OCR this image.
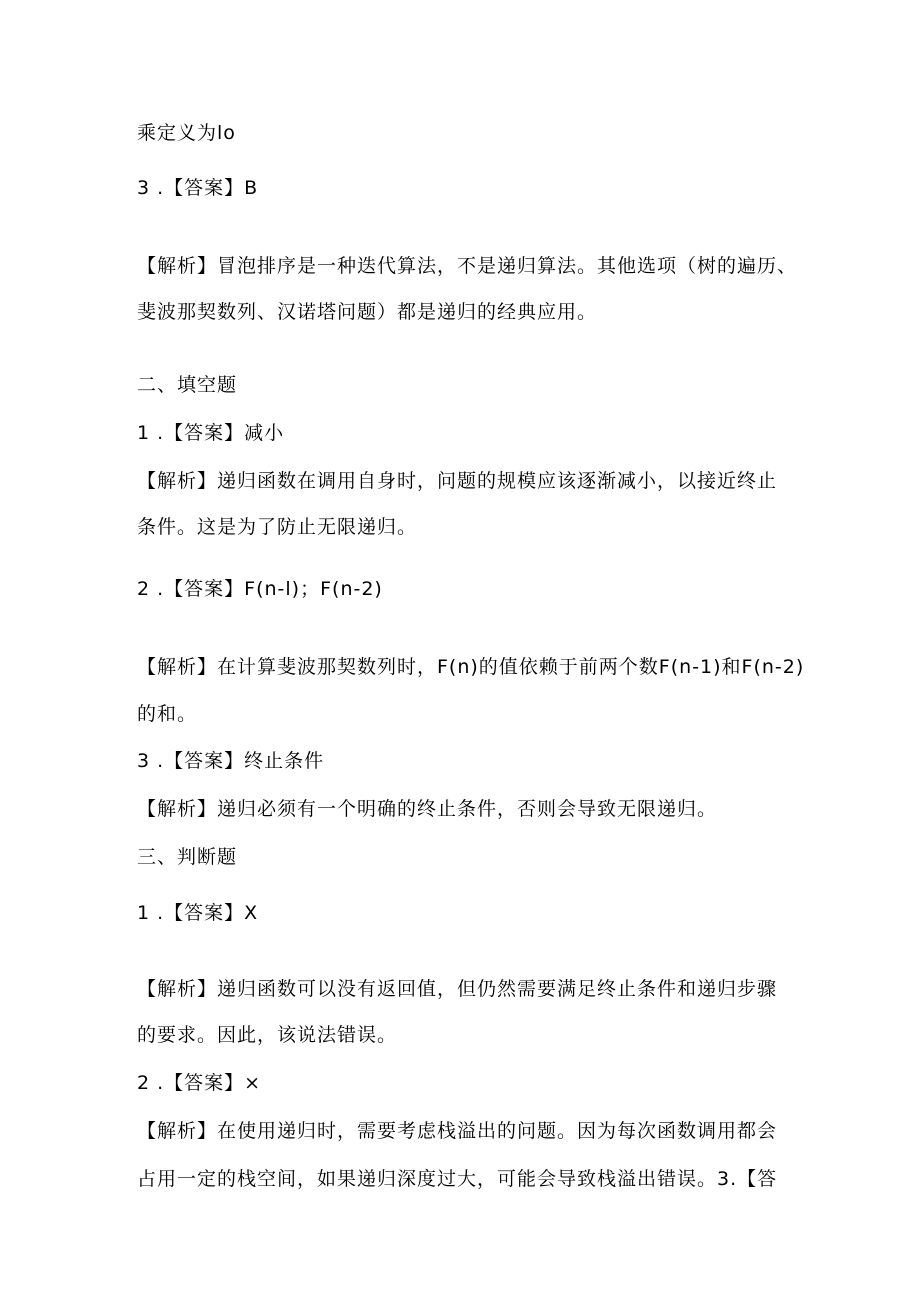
乘定义为lo
3 .【答案】B
【解析】冒泡排序是一种迭代算法，不是递归算法。其他选项（树的遍历、
斐波那契数列、汉诺塔问题）都是递归的经典应用。
二、填空题
1 .【答案】减小
【解析】递归函数在调用自身时，问题的规模应该逐渐减小，以接近终止
条件。这是为了防止无限递归。
2 .【答案】F(n-l)；F(n-2)
【解析】在计算斐波那契数列时，F(n)的值依赖于前两个数F(n-1)和F(n-2)
的和。
3 .【答案】终止条件
【解析】递归必须有一个明确的终止条件，否则会导致无限递归。
三、判断题
1 .【答案】X
【解析】递归函数可以没有返回值，但仍然需要满足终止条件和递归步骤
的要求。因此，该说法错误。
2 .【答案】×
【解析】在使用递归时，需要考虑栈溢出的问题。因为每次函数调用都会
占用一定的栈空间，如果递归深度过大，可能会导致栈溢出错误。3.【答
